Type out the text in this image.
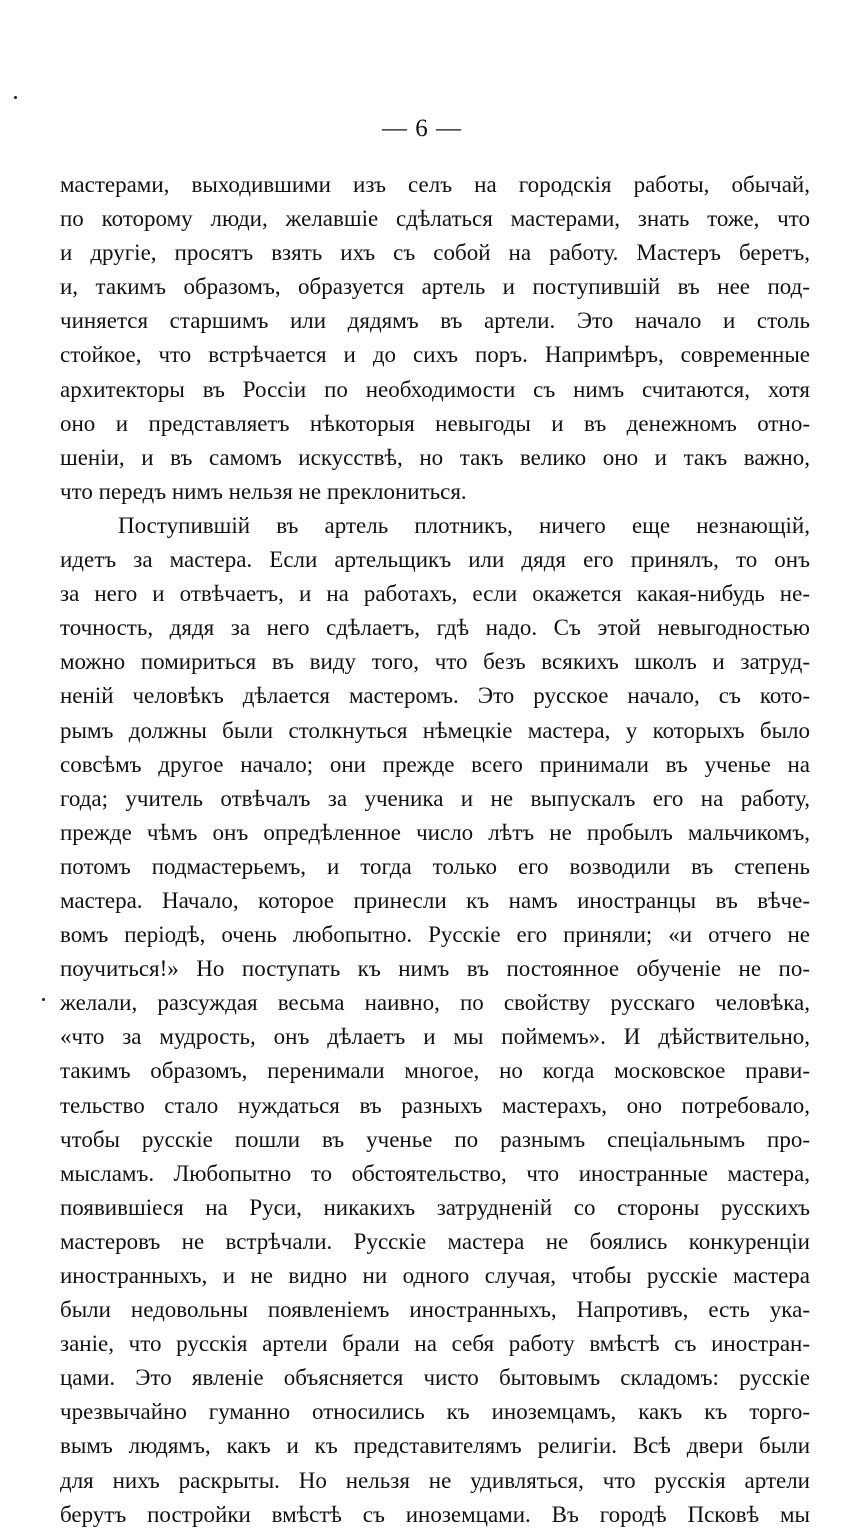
— 6 —
мастерами, выходившими изъ селъ на городскія работы, обычай,
по которому люди, желавшіе сдѣлаться мастерами, знать тоже, что
и другіе, просятъ взять ихъ съ собой на работу. Мастеръ беретъ,
и, такимъ образомъ, образуется артель и поступившій въ нее под-
чиняется старшимъ или дядямъ въ артели. Это начало и столь
стойкое, что встрѣчается и до сихъ поръ. Напримѣръ, современные
архитекторы въ Россіи по необходимости съ нимъ считаются, хотя
оно и представляетъ нѣкоторыя невыгоды и въ денежномъ отно-
шеніи, и въ самомъ искусствѣ, но такъ велико оно и такъ важно,
что передъ нимъ нельзя не преклониться.
Поступившій въ артель плотникъ, ничего еще незнающій,
идетъ за мастера. Если артельщикъ или дядя его принялъ, то онъ
за него и отвѣчаетъ, и на работахъ, если окажется какая-нибудь не-
точность, дядя за него сдѣлаетъ, гдѣ надо. Съ этой невыгодностью
можно помириться въ виду того, что безъ всякихъ школъ и затруд-
неній человѣкъ дѣлается мастеромъ. Это русское начало, съ кото-
рымъ должны были столкнуться нѣмецкіе мастера, у которыхъ было
совсѣмъ другое начало; они прежде всего принимали въ ученье на
года; учитель отвѣчалъ за ученика и не выпускалъ его на работу,
прежде чѣмъ онъ опредѣленное число лѣтъ не пробылъ мальчикомъ,
потомъ подмастерьемъ, и тогда только его возводили въ степень
мастера. Начало, которое принесли къ намъ иностранцы въ вѣче-
вомъ періодѣ, очень любопытно. Русскіе его приняли; «и отчего не
поучиться!» Но поступать къ нимъ въ постоянное обученіе не по-
желали, разсуждая весьма наивно, по свойству русскаго человѣка,
«что за мудрость, онъ дѣлаетъ и мы поймемъ». И дѣйствительно,
такимъ образомъ, перенимали многое, но когда московское прави-
тельство стало нуждаться въ разныхъ мастерахъ, оно потребовало,
чтобы русскіе пошли въ ученье по разнымъ спеціальнымъ про-
мысламъ. Любопытно то обстоятельство, что иностранные мастера,
появившіеся на Руси, никакихъ затрудненій со стороны русскихъ
мастеровъ не встрѣчали. Русскіе мастера не боялись конкуренціи
иностранныхъ, и не видно ни одного случая, чтобы русскіе мастера
были недовольны появленіемъ иностранныхъ, Напротивъ, есть ука-
заніе, что русскія артели брали на себя работу вмѣстѣ съ иностран-
цами. Это явленіе объясняется чисто бытовымъ складомъ: русскіе
чрезвычайно гуманно относились къ иноземцамъ, какъ къ торго-
вымъ людямъ, какъ и къ представителямъ религіи. Всѣ двери были
для нихъ раскрыты. Но нельзя не удивляться, что русскія артели
берутъ постройки вмѣстѣ съ иноземцами. Въ городѣ Псковѣ мы
